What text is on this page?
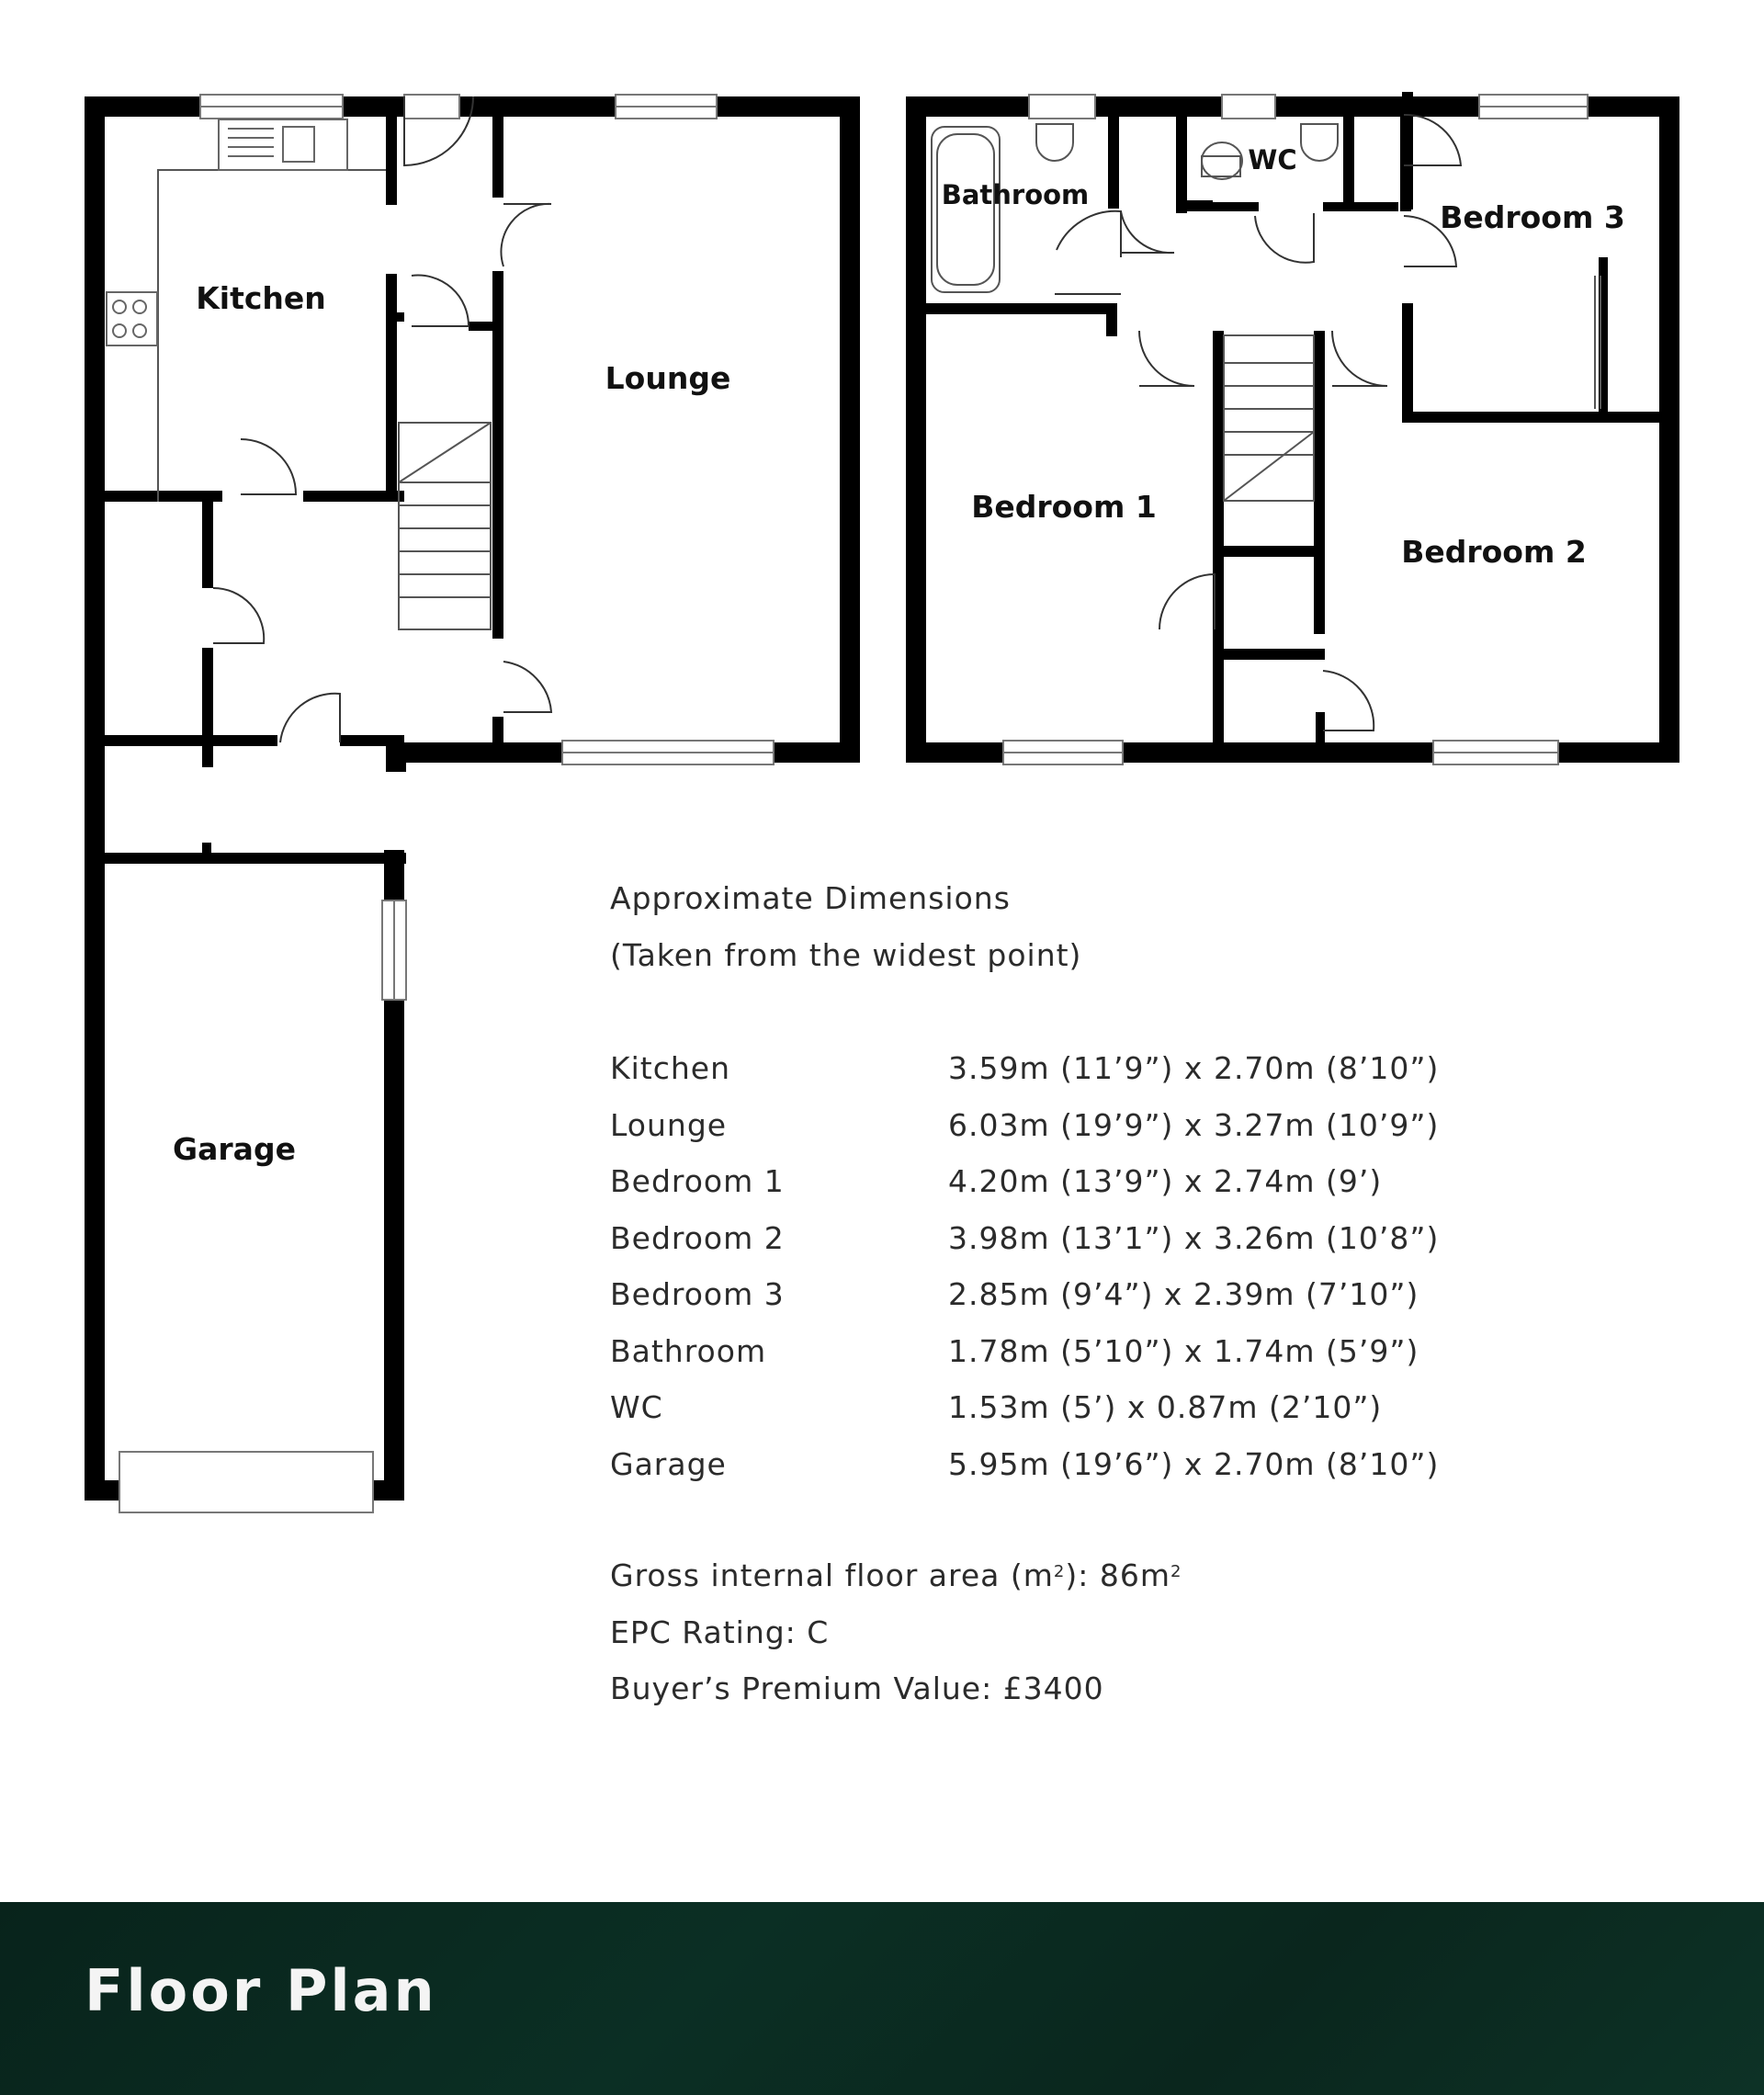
Kitchen
Lounge
Garage
Bathroom
WC
Bedroom 1
Bedroom 2
Bedroom 3
Approximate Dimensions
(Taken from the widest point)
Kitchen	3.59m (11’9”) x 2.70m (8’10”)
Lounge	6.03m (19’9”) x 3.27m (10’9”)
Bedroom 1	4.20m (13’9”) x 2.74m (9’)
Bedroom 2	3.98m (13’1”) x 3.26m (10’8”)
Bedroom 3	2.85m (9’4”) x 2.39m (7’10”)
Bathroom	1.78m (5’10”) x 1.74m (5’9”)
WC	1.53m (5’) x 0.87m (2’10”)
Garage	5.95m (19’6”) x 2.70m (8’10”)
Gross internal floor area $(m^2)$: $86m^2$
EPC Rating: C
Buyer’s Premium Value: £3400
Floor Plan
